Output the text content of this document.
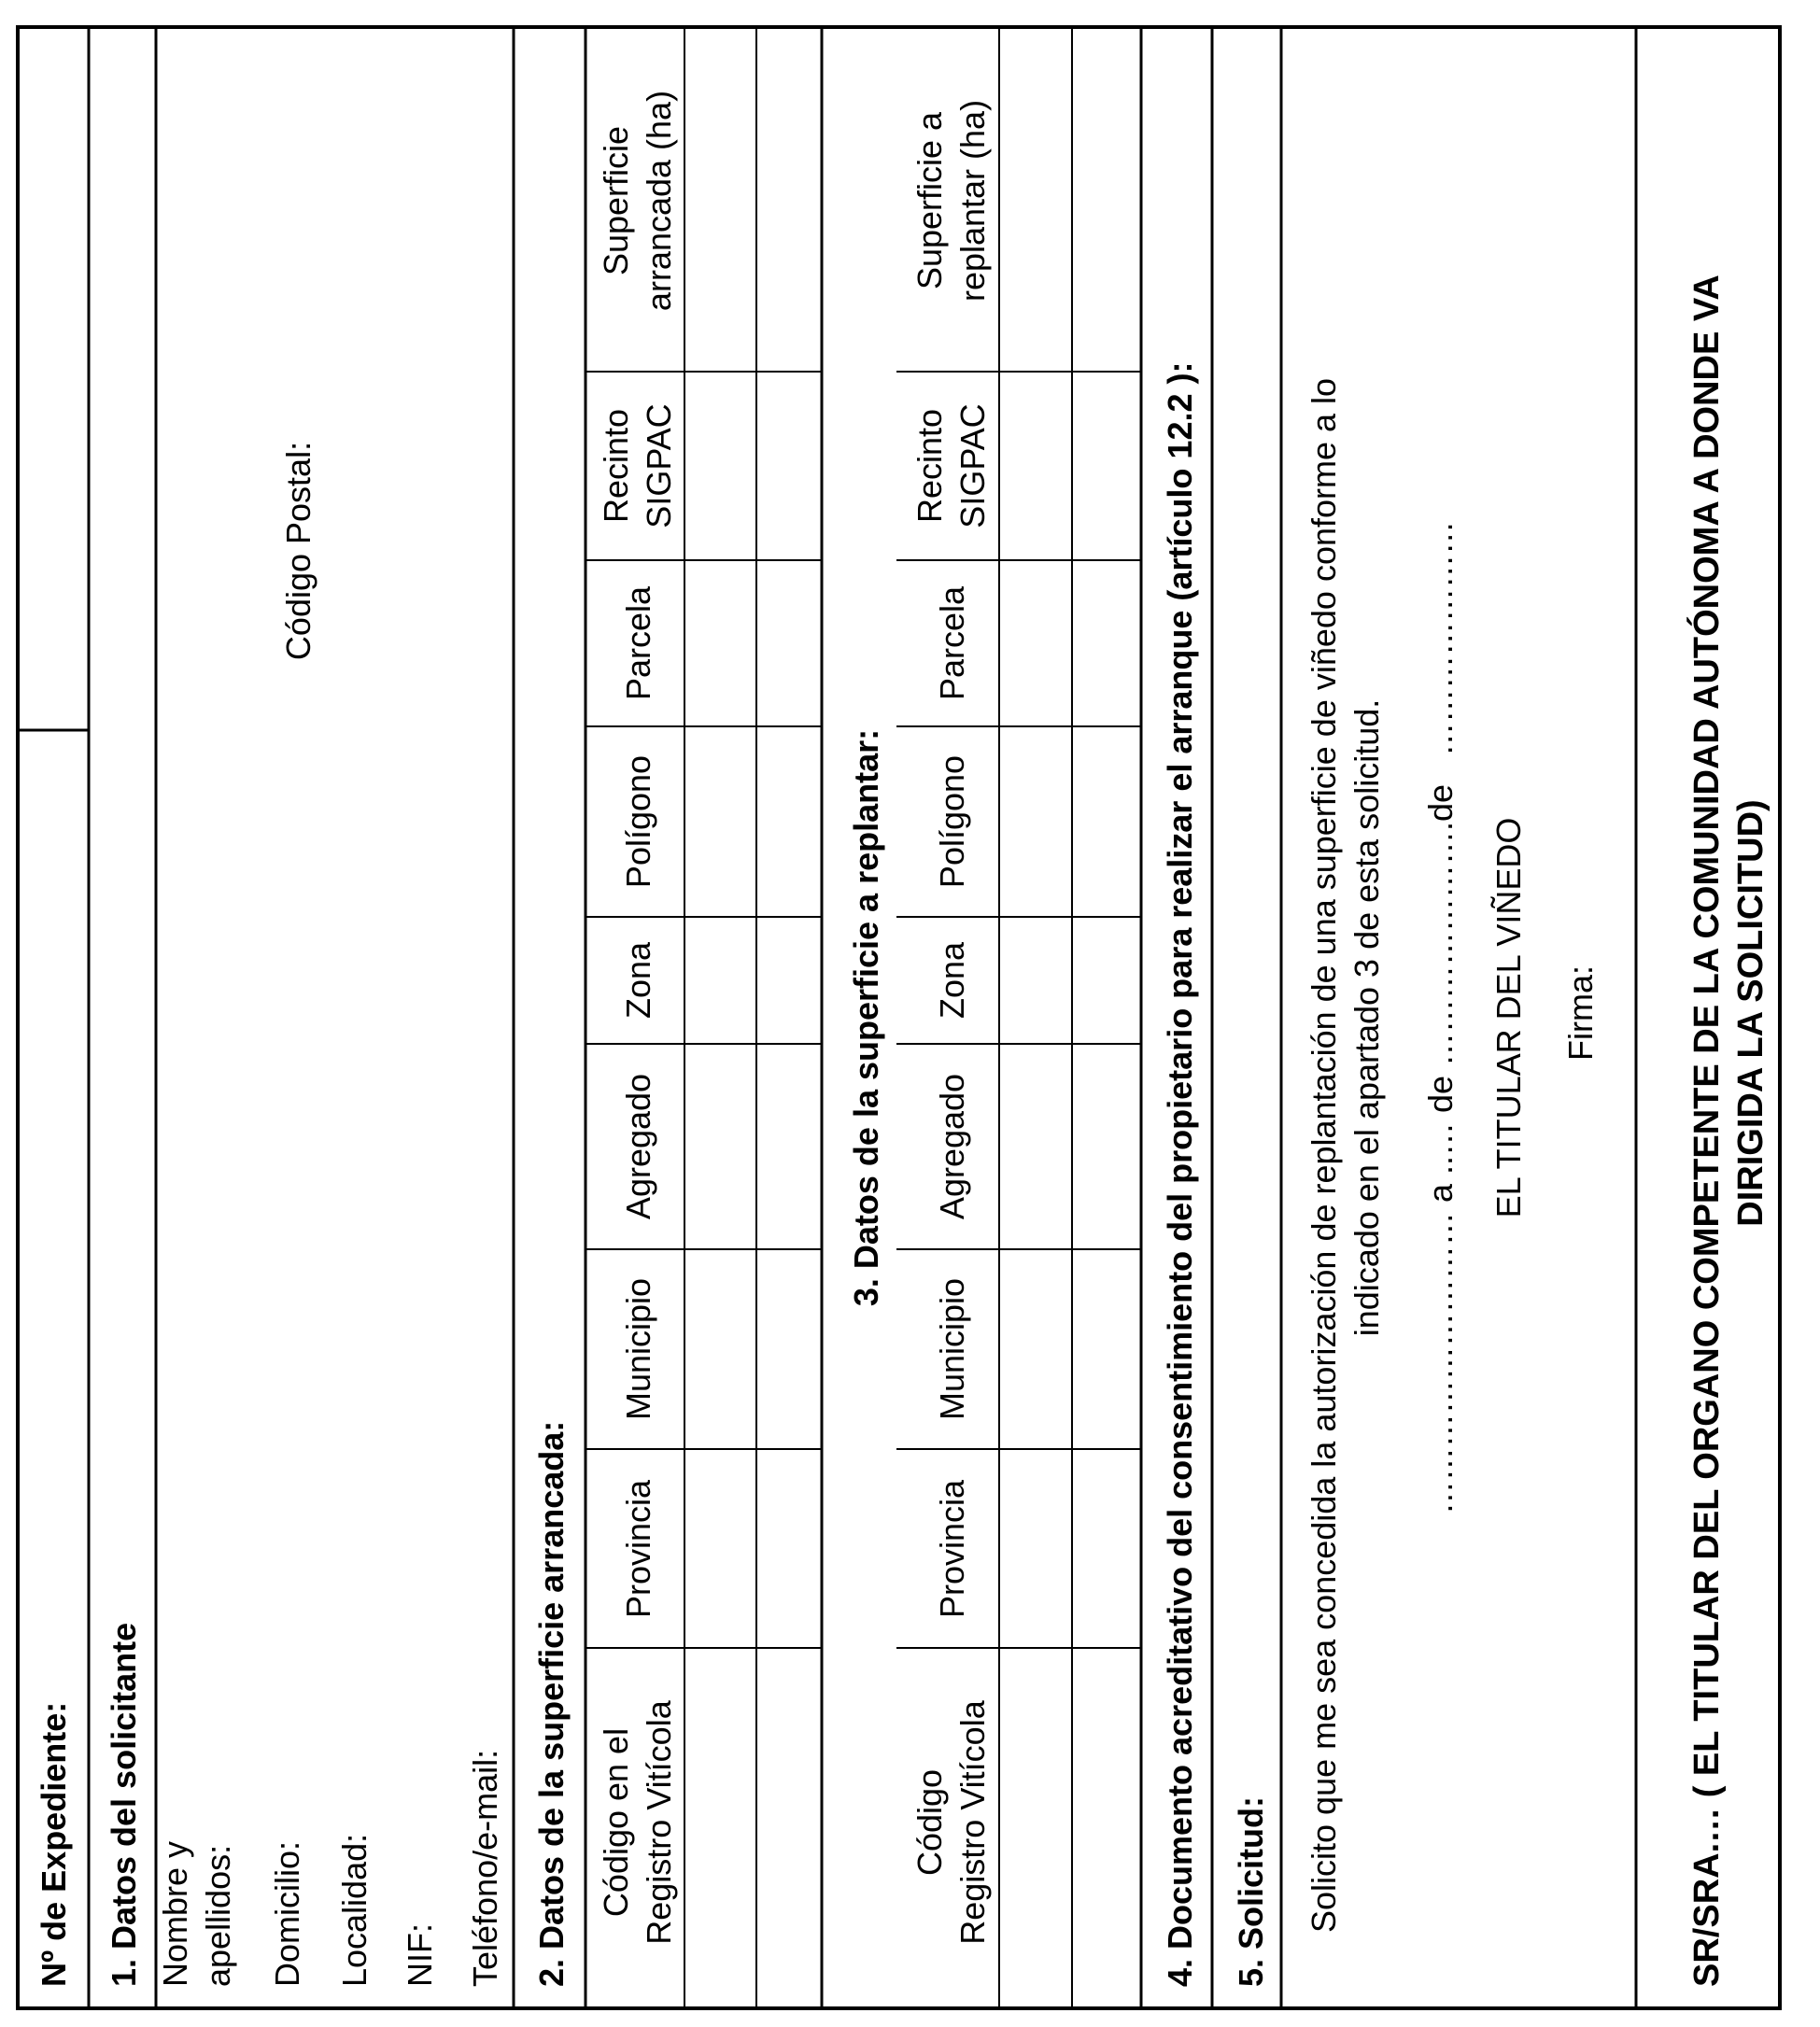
Nº de Expediente: 1. Datos del solicitante Nombre y apellidos: Domicilio: Localidad: NIF: Teléfono/e-mail:
Código Postal:
2. Datos de la superficie arrancada: Código en el Registro Vitícola
Provincia
Municipio
Agregado
Zona
Polígono
Parcela
Recinto SIGPAC
Superficie arrancada (ha)
3. Datos de la superficie a replantar:
Código Registro Vitícola
Provincia
Municipio
Agregado
Zona
Polígono
Parcela
Recinto SIGPAC
Superficie a replantar (ha)
4. Documento acreditativo del consentimiento del propietario para realizar el arranque (artículo 12.2 ): 5. Solicitud: Solicito que me sea concedida la autorización de replantación de una superficie de viñedo conforme a lo indicado en el apartado 3 de esta solicitud. ……………………… a ..… de ………………….de   ………………… EL TITULAR DEL VIÑEDO Firma: SR/SRA.… ( EL TITULAR DEL ORGANO COMPETENTE DE LA COMUNIDAD AUTÓNOMA A DONDE VA DIRIGIDA LA SOLICITUD)
